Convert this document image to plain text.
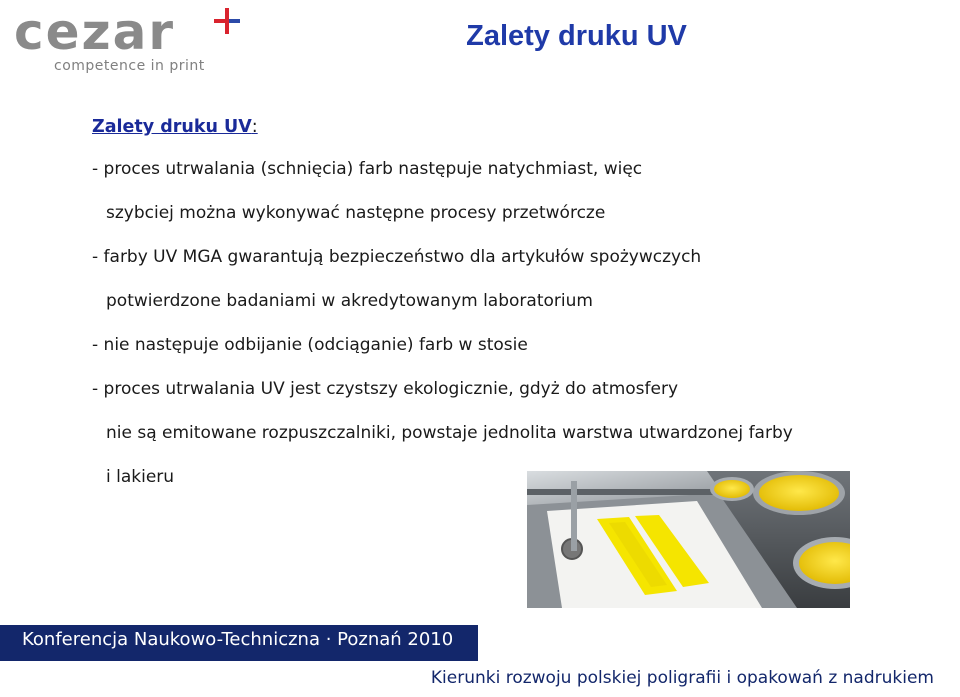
cezar
competence in print
Zalety druku UV
Zalety druku UV:
- proces utrwalania (schnięcia) farb następuje natychmiast, więc
szybciej można wykonywać następne procesy przetwórcze
- farby UV MGA gwarantują bezpieczeństwo dla artykułów spożywczych
potwierdzone badaniami w akredytowanym laboratorium
- nie następuje odbijanie (odciąganie) farb w stosie
- proces utrwalania UV jest czystszy ekologicznie, gdyż do atmosfery
nie są emitowane rozpuszczalniki, powstaje jednolita warstwa utwardzonej farby
i lakieru
Konferencja Naukowo-Techniczna · Poznań 2010
Kierunki rozwoju polskiej poligrafii i opakowań z nadrukiem
